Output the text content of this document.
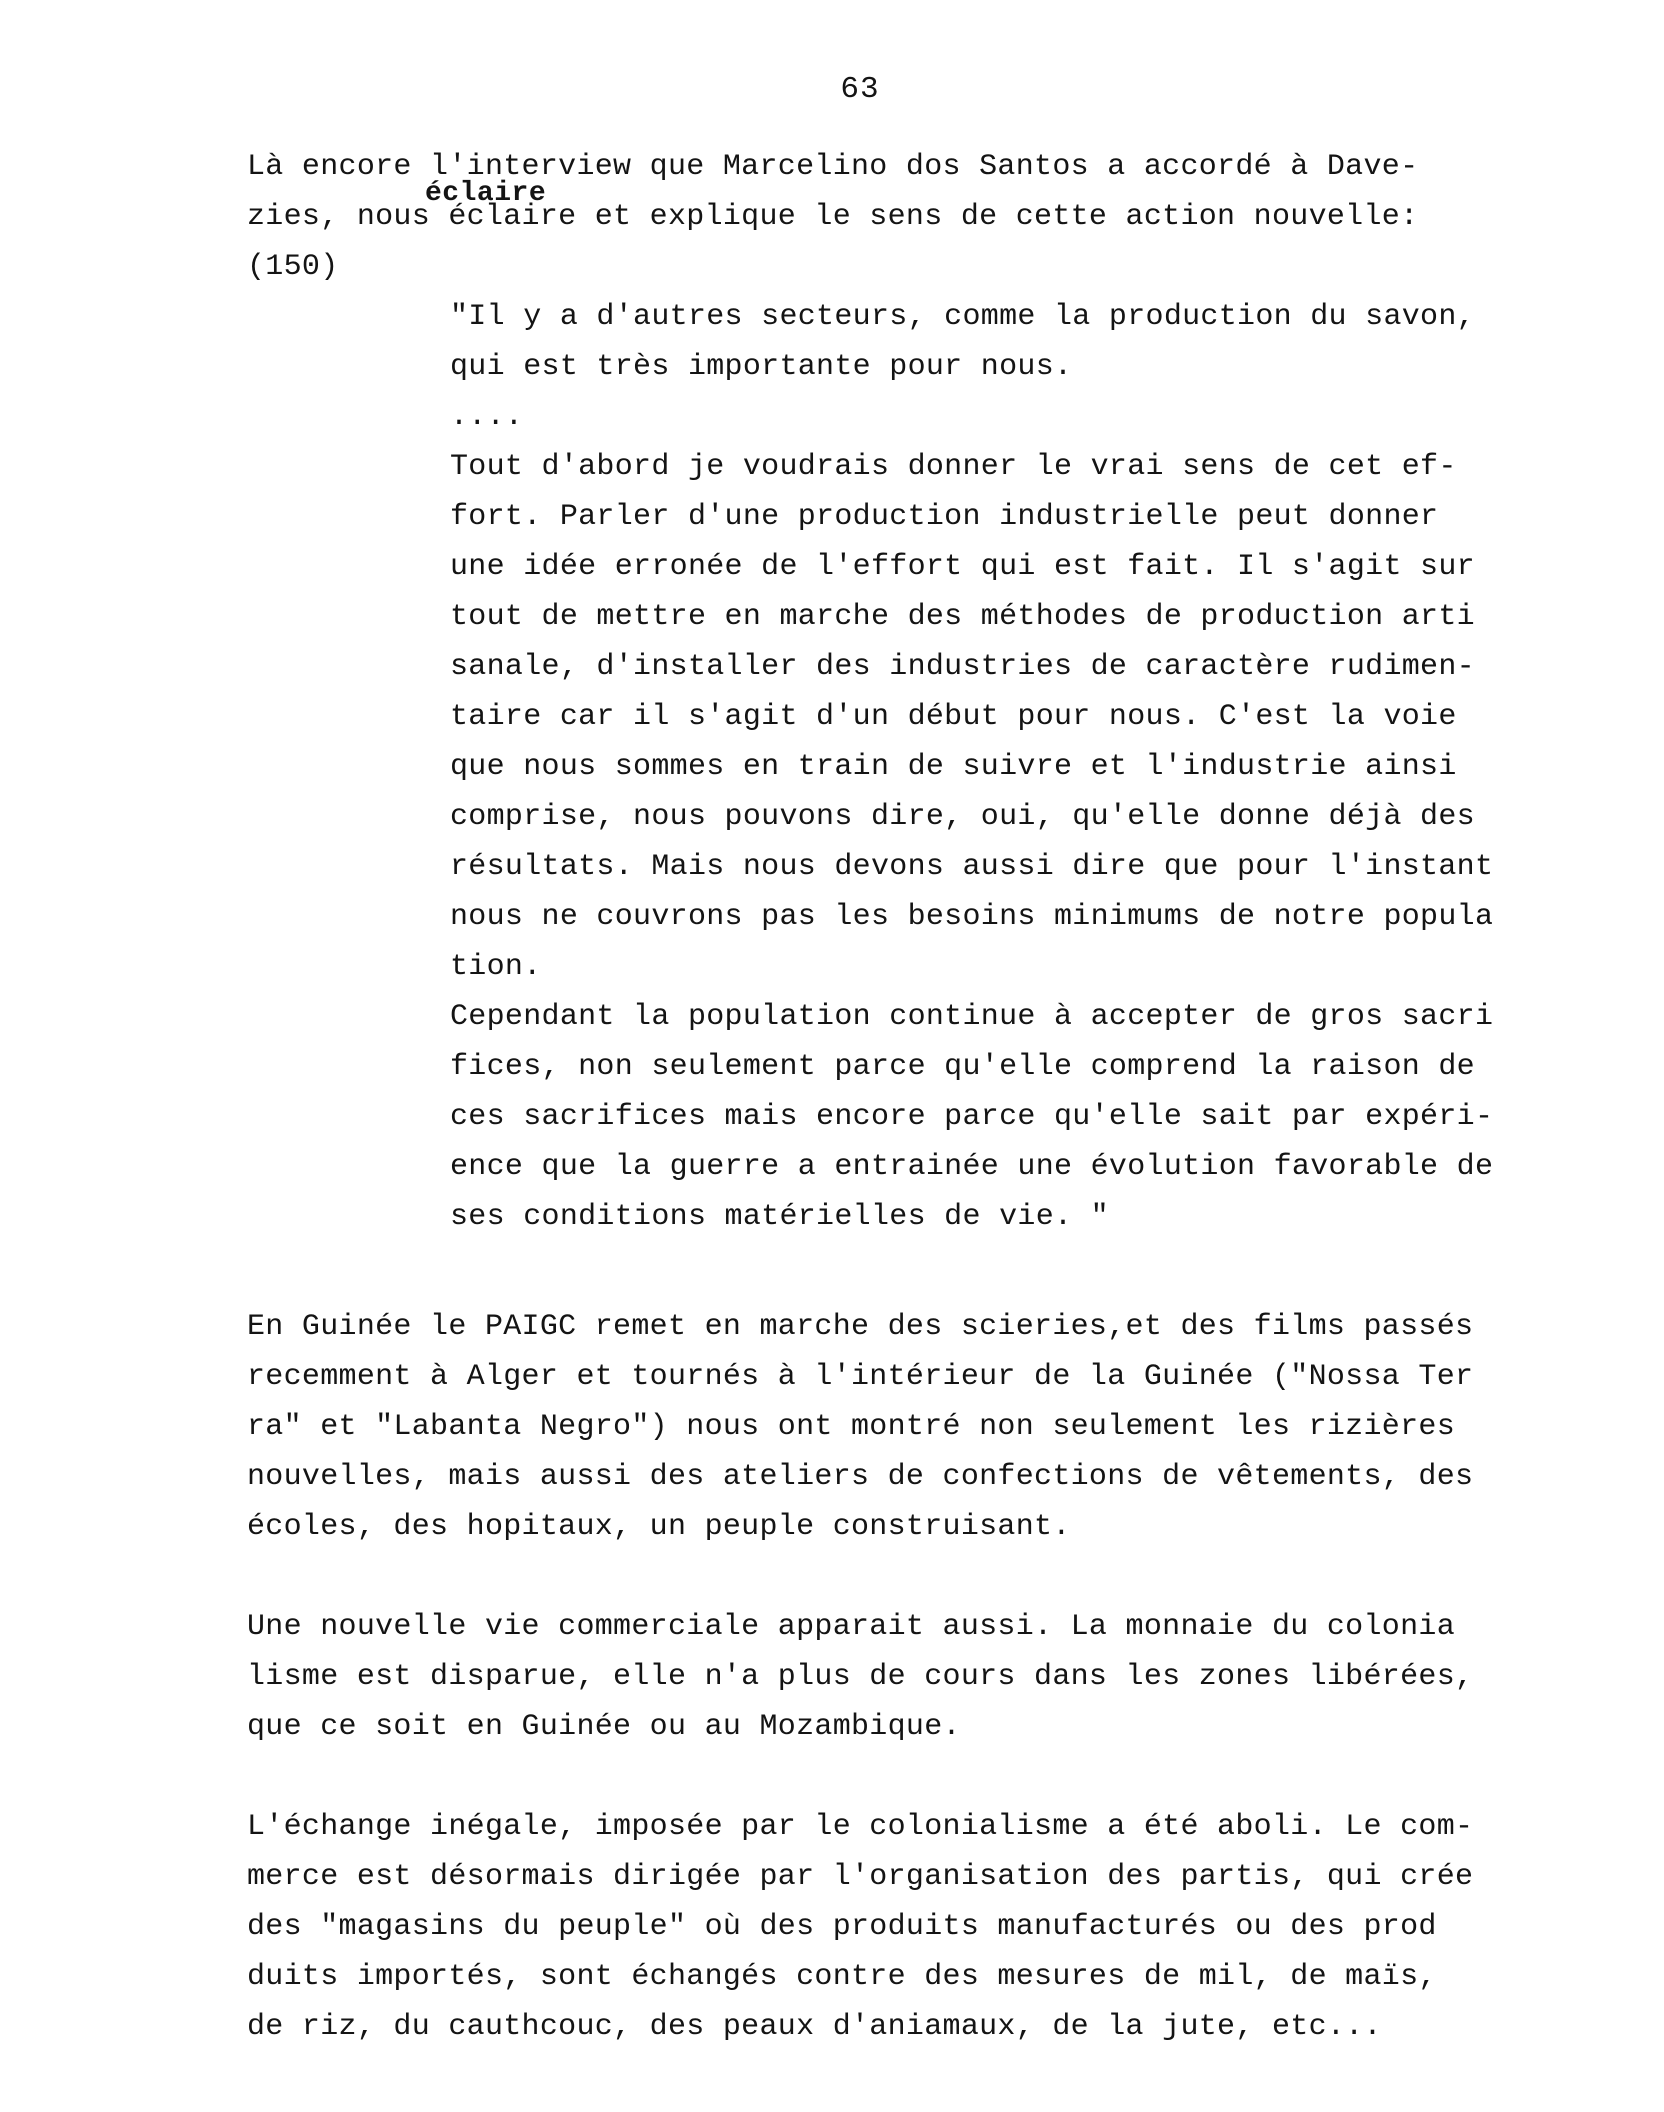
63
éclaire
Là encore l'interview que Marcelino dos Santos a accordé à Dave-
zies, nous éclaire et explique le sens de cette action nouvelle:
(150)
"Il y a d'autres secteurs, comme la production du savon,
qui est très importante pour nous.
....
Tout d'abord je voudrais donner le vrai sens de cet ef-
fort. Parler d'une production industrielle peut donner
une idée erronée de l'effort qui est fait. Il s'agit sur
tout de mettre en marche des méthodes de production arti
sanale, d'installer des industries de caractère rudimen-
taire car il s'agit d'un début pour nous. C'est la voie
que nous sommes en train de suivre et l'industrie ainsi
comprise, nous pouvons dire, oui, qu'elle donne déjà des
résultats. Mais nous devons aussi dire que pour l'instant
nous ne couvrons pas les besoins minimums de notre popula
tion.
Cependant la population continue à accepter de gros sacri
fices, non seulement parce qu'elle comprend la raison de
ces sacrifices mais encore parce qu'elle sait par expéri-
ence que la guerre a entrainée une évolution favorable de
ses conditions matérielles de vie. "
En Guinée le PAIGC remet en marche des scieries,et des films passés
recemment à Alger et tournés à l'intérieur de la Guinée ("Nossa Ter
ra" et "Labanta Negro") nous ont montré non seulement les rizières
nouvelles, mais aussi des ateliers de confections de vêtements, des
écoles, des hopitaux, un peuple construisant.
Une nouvelle vie commerciale apparait aussi. La monnaie du colonia
lisme est disparue, elle n'a plus de cours dans les zones libérées,
que ce soit en Guinée ou au Mozambique.
L'échange inégale, imposée par le colonialisme a été aboli. Le com-
merce est désormais dirigée par l'organisation des partis, qui crée
des "magasins du peuple" où des produits manufacturés ou des prod
duits importés, sont échangés contre des mesures de mil, de maïs,
de riz, du cauthcouc, des peaux d'aniamaux, de la jute, etc...
